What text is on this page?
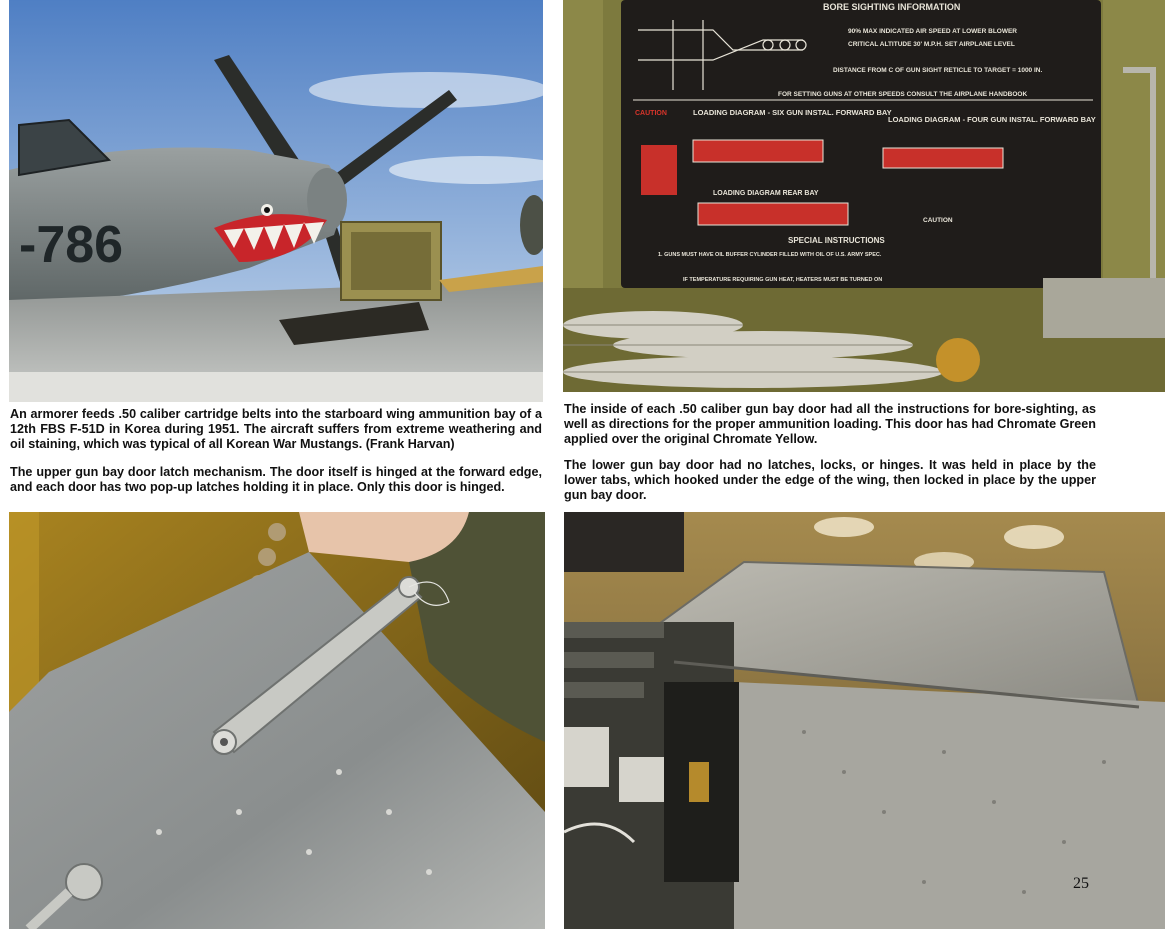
-786
BORE SIGHTING INFORMATION
90% MAX INDICATED AIR SPEED AT LOWER BLOWER
CRITICAL ALTITUDE 30' M.P.H. SET AIRPLANE LEVEL
DISTANCE FROM C OF GUN SIGHT RETICLE TO TARGET = 1000 IN.
FOR SETTING GUNS AT OTHER SPEEDS CONSULT THE AIRPLANE HANDBOOK
LOADING DIAGRAM - SIX GUN INSTAL. FORWARD BAY
LOADING DIAGRAM - FOUR GUN INSTAL. FORWARD BAY
CAUTION
LOADING DIAGRAM REAR BAY
CAUTION
SPECIAL INSTRUCTIONS
1. GUNS MUST HAVE OIL BUFFER CYLINDER FILLED WITH OIL OF U.S. ARMY SPEC.
IF TEMPERATURE REQUIRING GUN HEAT, HEATERS MUST BE TURNED ON

An armorer feeds .50 caliber cartridge belts into the starboard wing ammunition bay of a 12th FBS F-51D in Korea during 1951. The aircraft suffers from extreme weathering and oil staining, which was typical of all Korean War Mustangs. (Frank Harvan)

The upper gun bay door latch mechanism. The door itself is hinged at the forward edge, and each door has two pop-up latches holding it in place. Only this door is hinged.

The inside of each .50 caliber gun bay door had all the instructions for bore-sighting, as well as directions for the proper ammunition loading. This door has had Chromate Green applied over the original Chromate Yellow.

The lower gun bay door had no latches, locks, or hinges. It was held in place by the lower tabs, which hooked under the edge of the wing, then locked in place by the upper gun bay door.

25
